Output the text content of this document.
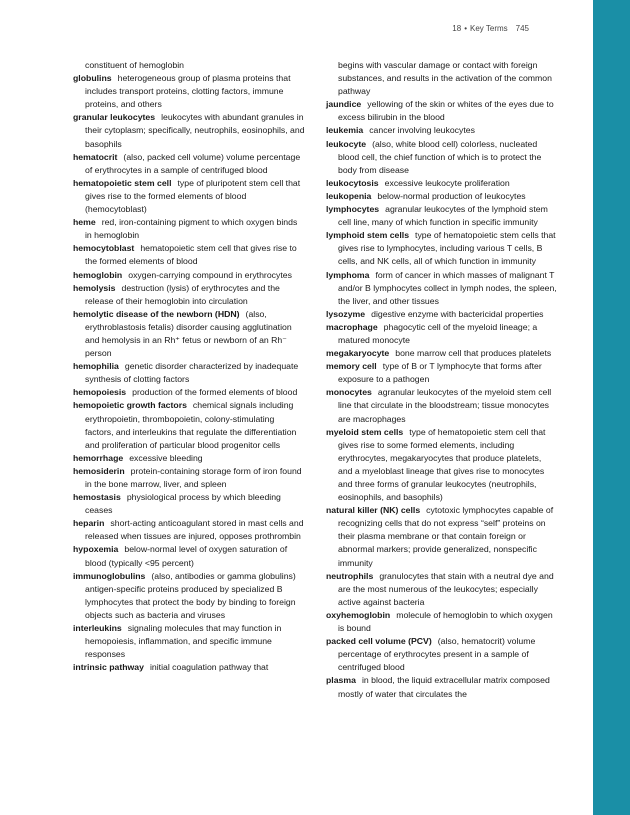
18 • Key Terms 745

constituent of hemoglobin

globulins heterogeneous group of plasma proteins that includes transport proteins, clotting factors, immune proteins, and others

granular leukocytes leukocytes with abundant granules in their cytoplasm; specifically, neutrophils, eosinophils, and basophils

hematocrit (also, packed cell volume) volume percentage of erythrocytes in a sample of centrifuged blood

hematopoietic stem cell type of pluripotent stem cell that gives rise to the formed elements of blood (hemocytoblast)

heme red, iron-containing pigment to which oxygen binds in hemoglobin

hemocytoblast hematopoietic stem cell that gives rise to the formed elements of blood

hemoglobin oxygen-carrying compound in erythrocytes

hemolysis destruction (lysis) of erythrocytes and the release of their hemoglobin into circulation

hemolytic disease of the newborn (HDN) (also, erythroblastosis fetalis) disorder causing agglutination and hemolysis in an Rh⁺ fetus or newborn of an Rh⁻ person

hemophilia genetic disorder characterized by inadequate synthesis of clotting factors

hemopoiesis production of the formed elements of blood

hemopoietic growth factors chemical signals including erythropoietin, thrombopoietin, colony-stimulating factors, and interleukins that regulate the differentiation and proliferation of particular blood progenitor cells

hemorrhage excessive bleeding

hemosiderin protein-containing storage form of iron found in the bone marrow, liver, and spleen

hemostasis physiological process by which bleeding ceases

heparin short-acting anticoagulant stored in mast cells and released when tissues are injured, opposes prothrombin

hypoxemia below-normal level of oxygen saturation of blood (typically <95 percent)

immunoglobulins (also, antibodies or gamma globulins) antigen-specific proteins produced by specialized B lymphocytes that protect the body by binding to foreign objects such as bacteria and viruses

interleukins signaling molecules that may function in hemopoiesis, inflammation, and specific immune responses

intrinsic pathway initial coagulation pathway that

begins with vascular damage or contact with foreign substances, and results in the activation of the common pathway

jaundice yellowing of the skin or whites of the eyes due to excess bilirubin in the blood

leukemia cancer involving leukocytes

leukocyte (also, white blood cell) colorless, nucleated blood cell, the chief function of which is to protect the body from disease

leukocytosis excessive leukocyte proliferation

leukopenia below-normal production of leukocytes

lymphocytes agranular leukocytes of the lymphoid stem cell line, many of which function in specific immunity

lymphoid stem cells type of hematopoietic stem cells that gives rise to lymphocytes, including various T cells, B cells, and NK cells, all of which function in immunity

lymphoma form of cancer in which masses of malignant T and/or B lymphocytes collect in lymph nodes, the spleen, the liver, and other tissues

lysozyme digestive enzyme with bactericidal properties

macrophage phagocytic cell of the myeloid lineage; a matured monocyte

megakaryocyte bone marrow cell that produces platelets

memory cell type of B or T lymphocyte that forms after exposure to a pathogen

monocytes agranular leukocytes of the myeloid stem cell line that circulate in the bloodstream; tissue monocytes are macrophages

myeloid stem cells type of hematopoietic stem cell that gives rise to some formed elements, including erythrocytes, megakaryocytes that produce platelets, and a myeloblast lineage that gives rise to monocytes and three forms of granular leukocytes (neutrophils, eosinophils, and basophils)

natural killer (NK) cells cytotoxic lymphocytes capable of recognizing cells that do not express “self” proteins on their plasma membrane or that contain foreign or abnormal markers; provide generalized, nonspecific immunity

neutrophils granulocytes that stain with a neutral dye and are the most numerous of the leukocytes; especially active against bacteria

oxyhemoglobin molecule of hemoglobin to which oxygen is bound

packed cell volume (PCV) (also, hematocrit) volume percentage of erythrocytes present in a sample of centrifuged blood

plasma in blood, the liquid extracellular matrix composed mostly of water that circulates the
